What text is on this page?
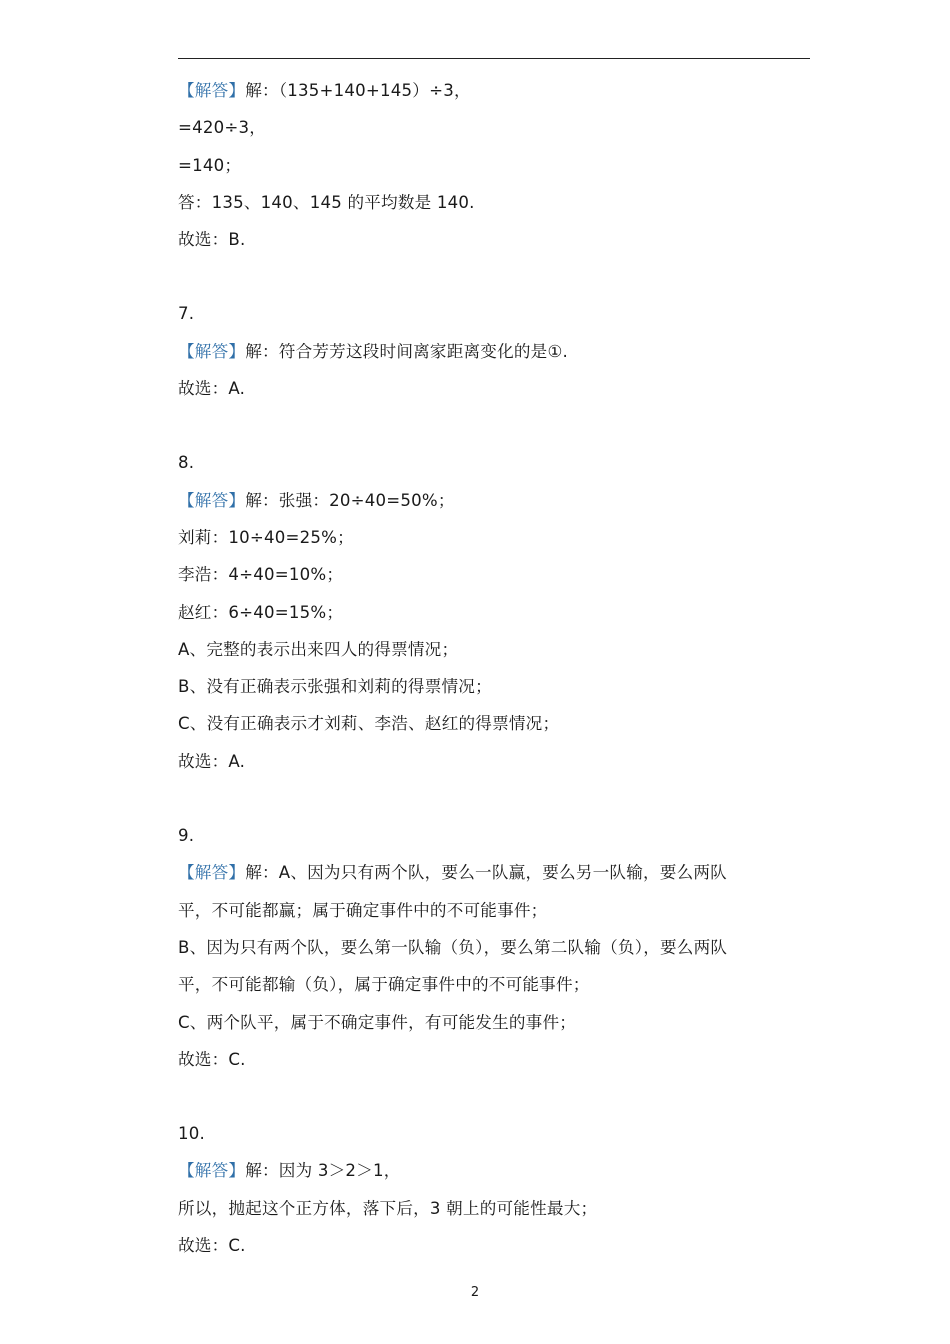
【解答】解：（135+140+145）÷3，
=420÷3，
=140；
答：135、140、145 的平均数是 140.
故选：B.
7.
【解答】解：符合芳芳这段时间离家距离变化的是①.
故选：A.
8.
【解答】解：张强：20÷40=50%；
刘莉：10÷40=25%；
李浩：4÷40=10%；
赵红：6÷40=15%；
A、完整的表示出来四人的得票情况；
B、没有正确表示张强和刘莉的得票情况；
C、没有正确表示才刘莉、李浩、赵红的得票情况；
故选：A.
9.
【解答】解：A、因为只有两个队，要么一队赢，要么另一队输，要么两队
平，不可能都赢；属于确定事件中的不可能事件；
B、因为只有两个队，要么第一队输（负），要么第二队输（负），要么两队
平，不可能都输（负），属于确定事件中的不可能事件；
C、两个队平，属于不确定事件，有可能发生的事件；
故选：C.
10.
【解答】解：因为 3＞2＞1，
所以，抛起这个正方体，落下后，3 朝上的可能性最大；
故选：C.
2
